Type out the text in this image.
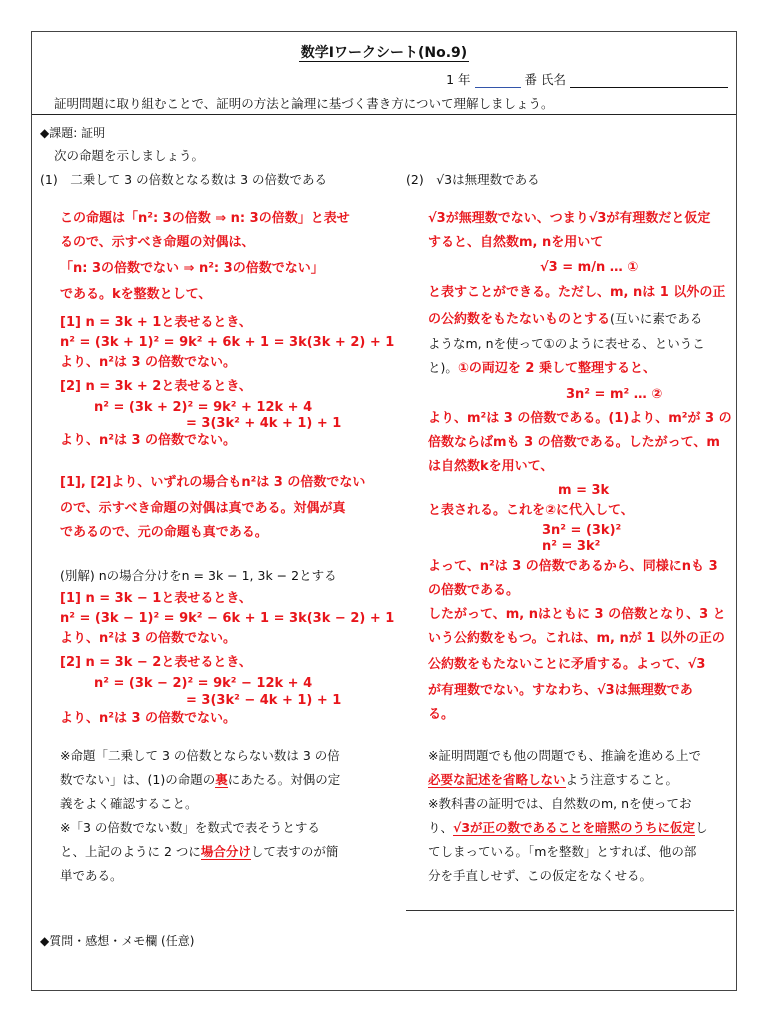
数学Ⅰワークシート(No.9)
1 年	番 氏名
証明問題に取り組むことで、証明の方法と論理に基づく書き方について理解しましょう。
◆課題: 証明
次の命題を示しましょう。
(1)　二乗して 3 の倍数となる数は 3 の倍数である
この命題は「n²: 3の倍数 ⇒ n: 3の倍数」と表せ
るので、示すべき命題の対偶は、
「n: 3の倍数でない ⇒ n²: 3の倍数でない」
である。kを整数として、
[1] n = 3k + 1と表せるとき、
n² = (3k + 1)² = 9k² + 6k + 1 = 3k(3k + 2) + 1
より、n²は 3 の倍数でない。
[2] n = 3k + 2と表せるとき、
n² = (3k + 2)² = 9k² + 12k + 4
= 3(3k² + 4k + 1) + 1
より、n²は 3 の倍数でない。
[1], [2]より、いずれの場合もn²は 3 の倍数でない
ので、示すべき命題の対偶は真である。対偶が真
であるので、元の命題も真である。
(別解) nの場合分けをn = 3k − 1, 3k − 2とする
[1] n = 3k − 1と表せるとき、
n² = (3k − 1)² = 9k² − 6k + 1 = 3k(3k − 2) + 1
より、n²は 3 の倍数でない。
[2] n = 3k − 2と表せるとき、
n² = (3k − 2)² = 9k² − 12k + 4
= 3(3k² − 4k + 1) + 1
より、n²は 3 の倍数でない。
※命題「二乗して 3 の倍数とならない数は 3 の倍
数でない」は、(1)の命題の裏にあたる。対偶の定
義をよく確認すること。
※「3 の倍数でない数」を数式で表そうとする
と、上記のように 2 つに場合分けして表すのが簡
単である。
(2)　√3は無理数である
√3が無理数でない、つまり√3が有理数だと仮定
すると、自然数m, nを用いて
√3 = m/n … ①
と表すことができる。ただし、m, nは 1 以外の正
の公約数をもたないものとする(互いに素である
ようなm, nを使って①のように表せる、というこ
と)。①の両辺を 2 乗して整理すると、
3n² = m² … ②
より、m²は 3 の倍数である。(1)より、m²が 3 の
倍数ならばmも 3 の倍数である。したがって、m
は自然数kを用いて、
m = 3k
と表される。これを②に代入して、
3n² = (3k)²
n² = 3k²
よって、n²は 3 の倍数であるから、同様にnも 3
の倍数である。
したがって、m, nはともに 3 の倍数となり、3 と
いう公約数をもつ。これは、m, nが 1 以外の正の
公約数をもたないことに矛盾する。よって、√3
が有理数でない。すなわち、√3は無理数であ
る。
※証明問題でも他の問題でも、推論を進める上で
必要な記述を省略しないよう注意すること。
※教科書の証明では、自然数のm, nを使ってお
り、√3が正の数であることを暗黙のうちに仮定し
てしまっている。「mを整数」とすれば、他の部
分を手直しせず、この仮定をなくせる。
◆質問・感想・メモ欄 (任意)
